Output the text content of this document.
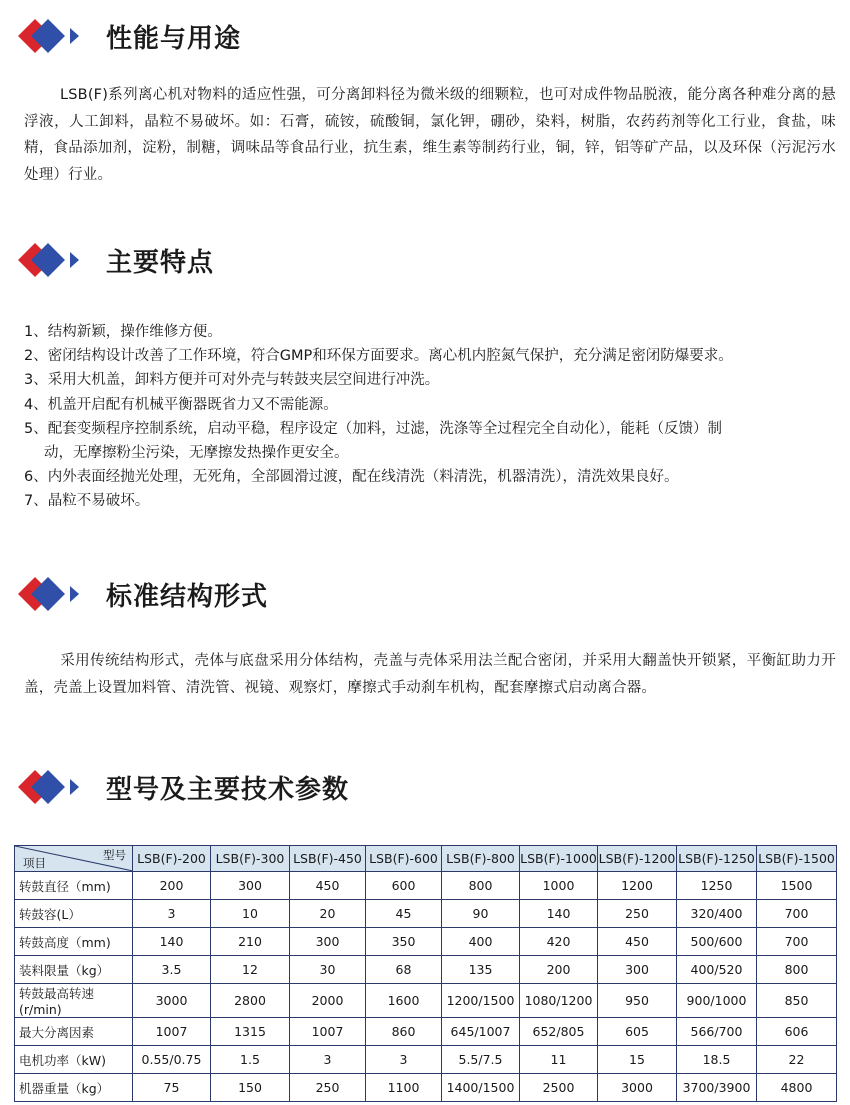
性能与用途
LSB(F)系列离心机对物料的适应性强，可分离卸料径为微米级的细颗粒，也可对成件物品脱液，能分离各种难分离的悬浮液，人工卸料，晶粒不易破坏。如：石膏，硫铵，硫酸铜，氯化钾，硼砂，染料，树脂，农药药剂等化工行业，食盐，味精，食品添加剂，淀粉，制糖，调味品等食品行业，抗生素，维生素等制药行业，铜，锌，铝等矿产品，以及环保（污泥污水处理）行业。
主要特点
1、结构新颖，操作维修方便。
2、密闭结构设计改善了工作环境，符合GMP和环保方面要求。离心机内腔氮气保护，充分满足密闭防爆要求。
3、采用大机盖，卸料方便并可对外壳与转鼓夹层空间进行冲洗。
4、机盖开启配有机械平衡器既省力又不需能源。
5、配套变频程序控制系统，启动平稳，程序设定（加料，过滤，洗涤等全过程完全自动化），能耗（反馈）制
动，无摩擦粉尘污染，无摩擦发热操作更安全。
6、内外表面经抛光处理，无死角，全部圆滑过渡，配在线清洗（料清洗，机器清洗），清洗效果良好。
7、晶粒不易破坏。
标准结构形式
采用传统结构形式，壳体与底盘采用分体结构，壳盖与壳体采用法兰配合密闭，并采用大翻盖快开锁紧，平衡缸助力开盖，壳盖上设置加料管、清洗管、视镜、观察灯，摩擦式手动刹车机构，配套摩擦式启动离合器。
型号及主要技术参数
型号
项目	LSB(F)-200	LSB(F)-300	LSB(F)-450	LSB(F)-600	LSB(F)-800	LSB(F)-1000	LSB(F)-1200	LSB(F)-1250	LSB(F)-1500
转鼓直径（mm)	200	300	450	600	800	1000	1200	1250	1500
转鼓容(L）	3	10	20	45	90	140	250	320/400	700
转鼓高度（mm)	140	210	300	350	400	420	450	500/600	700
装料限量（kg）	3.5	12	30	68	135	200	300	400/520	800
转鼓最高转速(r/min)	3000	2800	2000	1600	1200/1500	1080/1200	950	900/1000	850
最大分离因素	1007	1315	1007	860	645/1007	652/805	605	566/700	606
电机功率（kW)	0.55/0.75	1.5	3	3	5.5/7.5	11	15	18.5	22
机器重量（kg）	75	150	250	1100	1400/1500	2500	3000	3700/3900	4800
